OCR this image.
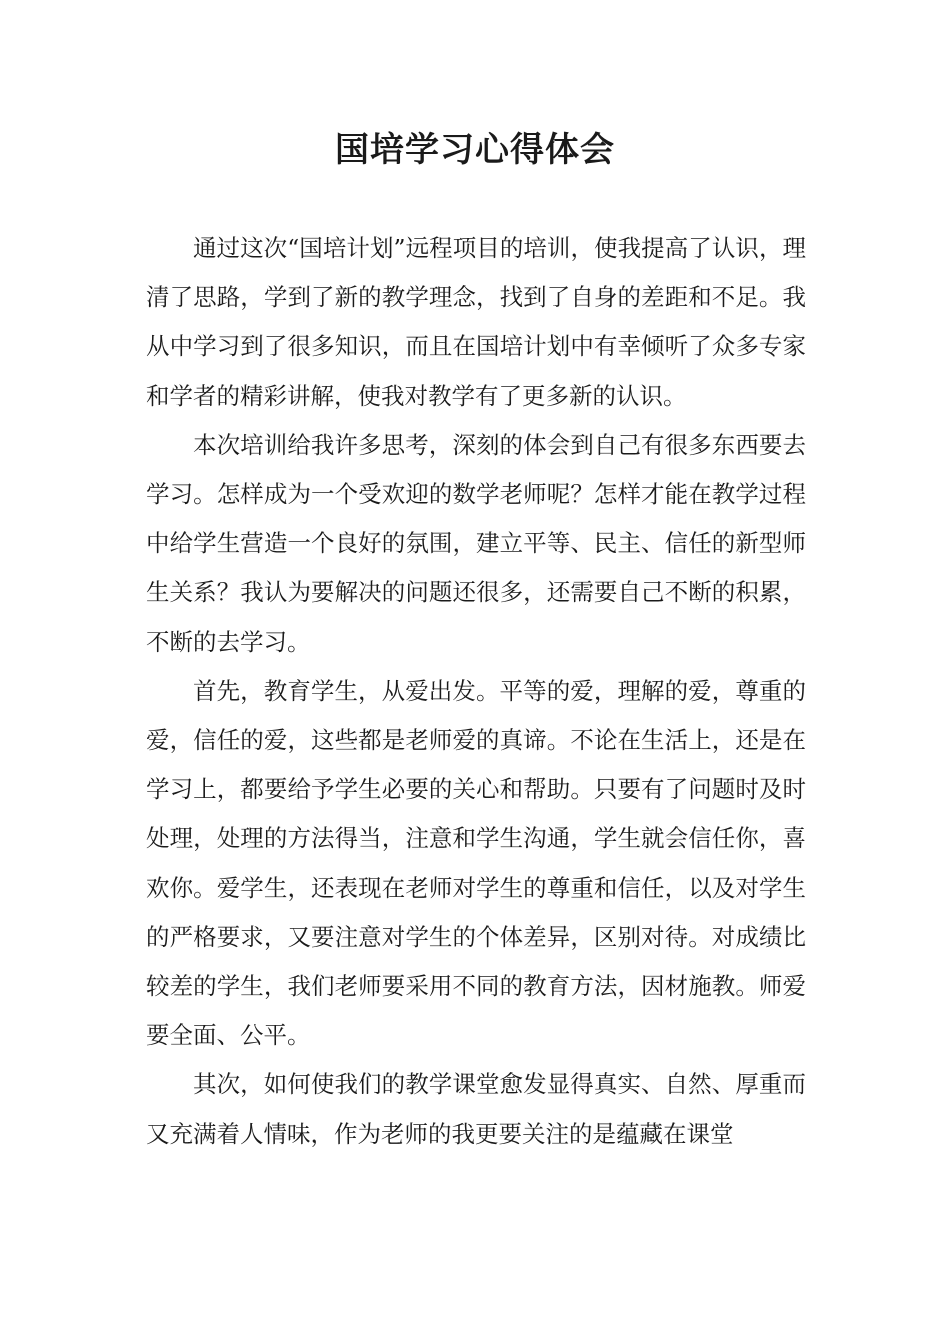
国培学习心得体会

通过这次“国培计划”远程项目的培训，使我提高了认识，理清了思路，学到了新的教学理念，找到了自身的差距和不足。我从中学习到了很多知识，而且在国培计划中有幸倾听了众多专家和学者的精彩讲解，使我对教学有了更多新的认识。

本次培训给我许多思考，深刻的体会到自己有很多东西要去学习。怎样成为一个受欢迎的数学老师呢？怎样才能在教学过程中给学生营造一个良好的氛围，建立平等、民主、信任的新型师生关系？我认为要解决的问题还很多，还需要自己不断的积累，不断的去学习。

首先，教育学生，从爱出发。平等的爱，理解的爱，尊重的爱，信任的爱，这些都是老师爱的真谛。不论在生活上，还是在学习上，都要给予学生必要的关心和帮助。只要有了问题时及时处理，处理的方法得当，注意和学生沟通，学生就会信任你，喜欢你。爱学生，还表现在老师对学生的尊重和信任，以及对学生的严格要求，又要注意对学生的个体差异，区别对待。对成绩比较差的学生，我们老师要采用不同的教育方法，因材施教。师爱要全面、公平。

其次，如何使我们的教学课堂愈发显得真实、自然、厚重而又充满着人情味，作为老师的我更要关注的是蕴藏在课堂
